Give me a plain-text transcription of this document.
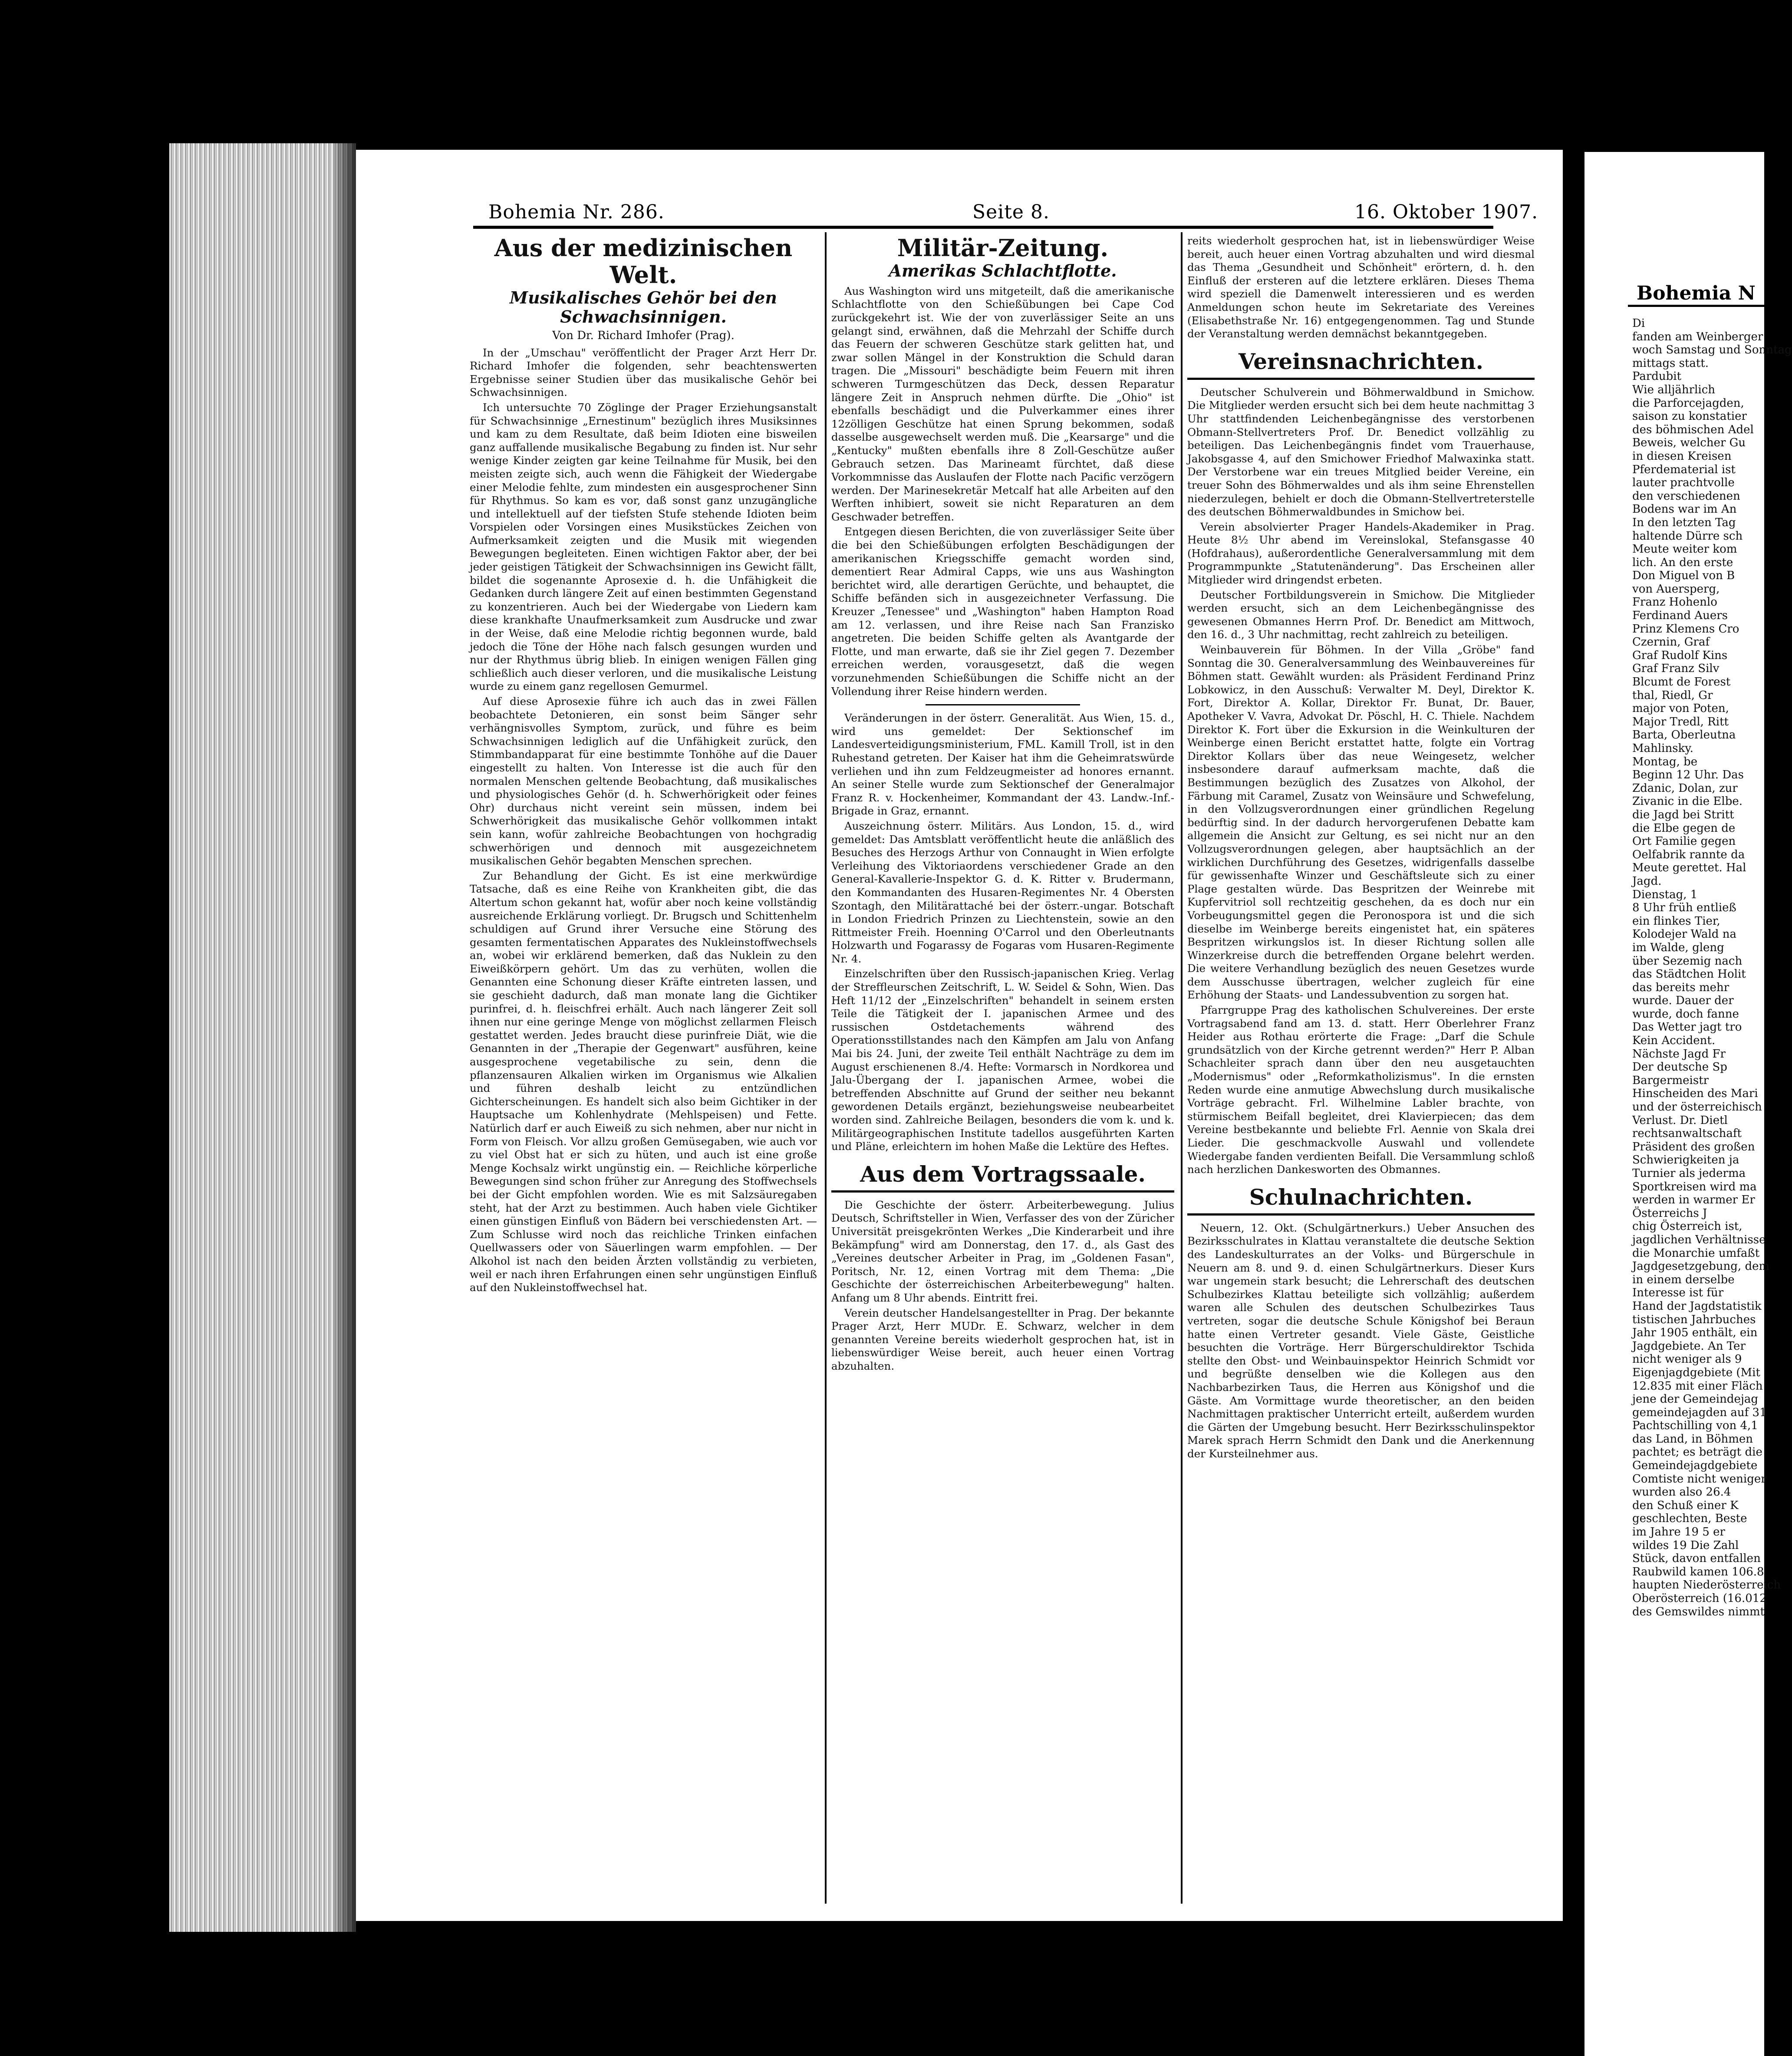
Bohemia Nr. 286.	Seite 8.	16. Oktober 1907.
Aus der medizinischen Welt.
Musikalisches Gehör bei den Schwachsinnigen.
Von Dr. Richard Imhofer (Prag).

In der „Umschau" veröffentlicht der Prager Arzt Herr Dr. Richard Imhofer die folgenden, sehr beachtenswerten Ergebnisse seiner Studien über das musikalische Gehör bei Schwachsinnigen.

Ich untersuchte 70 Zöglinge der Prager Erziehungsanstalt für Schwachsinnige „Ernestinum" bezüglich ihres Musiksinnes und kam zu dem Resultate, daß beim Idioten eine bisweilen ganz auffallende musikalische Begabung zu finden ist. Nur sehr wenige Kinder zeigten gar keine Teilnahme für Musik, bei den meisten zeigte sich, auch wenn die Fähigkeit der Wiedergabe einer Melodie fehlte, zum mindesten ein ausgesprochener Sinn für Rhythmus. So kam es vor, daß sonst ganz unzugängliche und intellektuell auf der tiefsten Stufe stehende Idioten beim Vorspielen oder Vorsingen eines Musikstückes Zeichen von Aufmerksamkeit zeigten und die Musik mit wiegenden Bewegungen begleiteten. Einen wichtigen Faktor aber, der bei jeder geistigen Tätigkeit der Schwachsinnigen ins Gewicht fällt, bildet die sogenannte Aprosexie d. h. die Unfähigkeit die Gedanken durch längere Zeit auf einen bestimmten Gegenstand zu konzentrieren. Auch bei der Wiedergabe von Liedern kam diese krankhafte Unaufmerksamkeit zum Ausdrucke und zwar in der Weise, daß eine Melodie richtig begonnen wurde, bald jedoch die Töne der Höhe nach falsch gesungen wurden und nur der Rhythmus übrig blieb. In einigen wenigen Fällen ging schließlich auch dieser verloren, und die musikalische Leistung wurde zu einem ganz regellosen Gemurmel.

Auf diese Aprosexie führe ich auch das in zwei Fällen beobachtete Detonieren, ein sonst beim Sänger sehr verhängnisvolles Symptom, zurück, und führe es beim Schwachsinnigen lediglich auf die Unfähigkeit zurück, den Stimmbandapparat für eine bestimmte Tonhöhe auf die Dauer eingestellt zu halten. Von Interesse ist die auch für den normalen Menschen geltende Beobachtung, daß musikalisches und physiologisches Gehör (d. h. Schwerhörigkeit oder feines Ohr) durchaus nicht vereint sein müssen, indem bei Schwerhörigkeit das musikalische Gehör vollkommen intakt sein kann, wofür zahlreiche Beobachtungen von hochgradig schwerhörigen und dennoch mit ausgezeichnetem musikalischen Gehör begabten Menschen sprechen.

Zur Behandlung der Gicht. Es ist eine merkwürdige Tatsache, daß es eine Reihe von Krankheiten gibt, die das Altertum schon gekannt hat, wofür aber noch keine vollständig ausreichende Erklärung vorliegt. Dr. Brugsch und Schittenhelm schuldigen auf Grund ihrer Versuche eine Störung des gesamten fermentatischen Apparates des Nukleinstoffwechsels an, wobei wir erklärend bemerken, daß das Nuklein zu den Eiweißkörpern gehört. Um das zu verhüten, wollen die Genannten eine Schonung dieser Kräfte eintreten lassen, und sie geschieht dadurch, daß man monate lang die Gichtiker purinfrei, d. h. fleischfrei erhält. Auch nach längerer Zeit soll ihnen nur eine geringe Menge von möglichst zellarmen Fleisch gestattet werden. Jedes braucht diese purinfreie Diät, wie die Genannten in der „Therapie der Gegenwart" ausführen, keine ausgesprochene vegetabilische zu sein, denn die pflanzensauren Alkalien wirken im Organismus wie Alkalien und führen deshalb leicht zu entzündlichen Gichterscheinungen. Es handelt sich also beim Gichtiker in der Hauptsache um Kohlenhydrate (Mehlspeisen) und Fette. Natürlich darf er auch Eiweiß zu sich nehmen, aber nur nicht in Form von Fleisch. Vor allzu großen Gemüsegaben, wie auch vor zu viel Obst hat er sich zu hüten, und auch ist eine große Menge Kochsalz wirkt ungünstig ein. — Reichliche körperliche Bewegungen sind schon früher zur Anregung des Stoffwechsels bei der Gicht empfohlen worden. Wie es mit Salzsäuregaben steht, hat der Arzt zu bestimmen. Auch haben viele Gichtiker einen günstigen Einfluß von Bädern bei verschiedensten Art. — Zum Schlusse wird noch das reichliche Trinken einfachen Quellwassers oder von Säuerlingen warm empfohlen. — Der Alkohol ist nach den beiden Ärzten vollständig zu verbieten, weil er nach ihren Erfahrungen einen sehr ungünstigen Einfluß auf den Nukleinstoffwechsel hat.

Militär-Zeitung.
Amerikas Schlachtflotte.

Aus Washington wird uns mitgeteilt, daß die amerikanische Schlachtflotte von den Schießübungen bei Cape Cod zurückgekehrt ist. Wie der von zuverlässiger Seite an uns gelangt sind, erwähnen, daß die Mehrzahl der Schiffe durch das Feuern der schweren Geschütze stark gelitten hat, und zwar sollen Mängel in der Konstruktion die Schuld daran tragen. Die „Missouri" beschädigte beim Feuern mit ihren schweren Turmgeschützen das Deck, dessen Reparatur längere Zeit in Anspruch nehmen dürfte. Die „Ohio" ist ebenfalls beschädigt und die Pulverkammer eines ihrer 12zölligen Geschütze hat einen Sprung bekommen, sodaß dasselbe ausgewechselt werden muß. Die „Kearsarge" und die „Kentucky" mußten ebenfalls ihre 8 Zoll-Geschütze außer Gebrauch setzen. Das Marineamt fürchtet, daß diese Vorkommnisse das Auslaufen der Flotte nach Pacific verzögern werden. Der Marinesekretär Metcalf hat alle Arbeiten auf den Werften inhibiert, soweit sie nicht Reparaturen an dem Geschwader betreffen.

Entgegen diesen Berichten, die von zuverlässiger Seite über die bei den Schießübungen erfolgten Beschädigungen der amerikanischen Kriegsschiffe gemacht worden sind, dementiert Rear Admiral Capps, wie uns aus Washington berichtet wird, alle derartigen Gerüchte, und behauptet, die Schiffe befänden sich in ausgezeichneter Verfassung. Die Kreuzer „Tenessee" und „Washington" haben Hampton Road am 12. verlassen, und ihre Reise nach San Franzisko angetreten. Die beiden Schiffe gelten als Avantgarde der Flotte, und man erwarte, daß sie ihr Ziel gegen 7. Dezember erreichen werden, vorausgesetzt, daß die wegen vorzunehmenden Schießübungen die Schiffe nicht an der Vollendung ihrer Reise hindern werden.

Veränderungen in der österr. Generalität. Aus Wien, 15. d., wird uns gemeldet: Der Sektionschef im Landesverteidigungsministerium, FML. Kamill Troll, ist in den Ruhestand getreten. Der Kaiser hat ihm die Geheimratswürde verliehen und ihn zum Feldzeugmeister ad honores ernannt. An seiner Stelle wurde zum Sektionschef der Generalmajor Franz R. v. Hockenheimer, Kommandant der 43. Landw.-Inf.-Brigade in Graz, ernannt.

Auszeichnung österr. Militärs. Aus London, 15. d., wird gemeldet: Das Amtsblatt veröffentlicht heute die anläßlich des Besuches des Herzogs Arthur von Connaught in Wien erfolgte Verleihung des Viktoriaordens verschiedener Grade an den General-Kavallerie-Inspektor G. d. K. Ritter v. Brudermann, den Kommandanten des Husaren-Regimentes Nr. 4 Obersten Szontagh, den Militärattaché bei der österr.-ungar. Botschaft in London Friedrich Prinzen zu Liechtenstein, sowie an den Rittmeister Freih. Hoenning O'Carrol und den Oberleutnants Holzwarth und Fogarassy de Fogaras vom Husaren-Regimente Nr. 4.

Einzelschriften über den Russisch-japanischen Krieg. Verlag der Streffleurschen Zeitschrift, L. W. Seidel & Sohn, Wien. Das Heft 11/12 der „Einzelschriften" behandelt in seinem ersten Teile die Tätigkeit der I. japanischen Armee und des russischen Ostdetachements während des Operationsstillstandes nach den Kämpfen am Jalu von Anfang Mai bis 24. Juni, der zweite Teil enthält Nachträge zu dem im August erschienenen 8./4. Hefte: Vormarsch in Nordkorea und Jalu-Übergang der I. japanischen Armee, wobei die betreffenden Abschnitte auf Grund der seither neu bekannt gewordenen Details ergänzt, beziehungsweise neubearbeitet worden sind. Zahlreiche Beilagen, besonders die vom k. und k. Militärgeographischen Institute tadellos ausgeführten Karten und Pläne, erleichtern im hohen Maße die Lektüre des Heftes.

Aus dem Vortragssaale.

Die Geschichte der österr. Arbeiterbewegung. Julius Deutsch, Schriftsteller in Wien, Verfasser des von der Züricher Universität preisgekrönten Werkes „Die Kinderarbeit und ihre Bekämpfung" wird am Donnerstag, den 17. d., als Gast des „Vereines deutscher Arbeiter in Prag, im „Goldenen Fasan", Poritsch, Nr. 12, einen Vortrag mit dem Thema: „Die Geschichte der österreichischen Arbeiterbewegung" halten. Anfang um 8 Uhr abends. Eintritt frei.

Verein deutscher Handelsangestellter in Prag. Der bekannte Prager Arzt, Herr MUDr. E. Schwarz, welcher in dem genannten Vereine bereits wiederholt gesprochen hat, ist in liebenswürdiger Weise bereit, auch heuer einen Vortrag abzuhalten.

reits wiederholt gesprochen hat, ist in liebenswürdiger Weise bereit, auch heuer einen Vortrag abzuhalten und wird diesmal das Thema „Gesundheit und Schönheit" erörtern, d. h. den Einfluß der ersteren auf die letztere erklären. Dieses Thema wird speziell die Damenwelt interessieren und es werden Anmeldungen schon heute im Sekretariate des Vereines (Elisabethstraße Nr. 16) entgegengenommen. Tag und Stunde der Veranstaltung werden demnächst bekanntgegeben.

Vereinsnachrichten.

Deutscher Schulverein und Böhmerwaldbund in Smichow. Die Mitglieder werden ersucht sich bei dem heute nachmittag 3 Uhr stattfindenden Leichenbegängnisse des verstorbenen Obmann-Stellvertreters Prof. Dr. Benedict vollzählig zu beteiligen. Das Leichenbegängnis findet vom Trauerhause, Jakobsgasse 4, auf den Smichower Friedhof Malwaxinka statt. Der Verstorbene war ein treues Mitglied beider Vereine, ein treuer Sohn des Böhmerwaldes und als ihm seine Ehrenstellen niederzulegen, behielt er doch die Obmann-Stellvertreterstelle des deutschen Böhmerwaldbundes in Smichow bei.

Verein absolvierter Prager Handels-Akademiker in Prag. Heute 8½ Uhr abend im Vereinslokal, Stefansgasse 40 (Hofdrahaus), außerordentliche Generalversammlung mit dem Programmpunkte „Statutenänderung". Das Erscheinen aller Mitglieder wird dringendst erbeten.

Deutscher Fortbildungsverein in Smichow. Die Mitglieder werden ersucht, sich an dem Leichenbegängnisse des gewesenen Obmannes Herrn Prof. Dr. Benedict am Mittwoch, den 16. d., 3 Uhr nachmittag, recht zahlreich zu beteiligen.

Weinbauverein für Böhmen. In der Villa „Gröbe" fand Sonntag die 30. Generalversammlung des Weinbauvereines für Böhmen statt. Gewählt wurden: als Präsident Ferdinand Prinz Lobkowicz, in den Ausschuß: Verwalter M. Deyl, Direktor K. Fort, Direktor A. Kollar, Direktor Fr. Bunat, Dr. Bauer, Apotheker V. Vavra, Advokat Dr. Pöschl, H. C. Thiele. Nachdem Direktor K. Fort über die Exkursion in die Weinkulturen der Weinberge einen Bericht erstattet hatte, folgte ein Vortrag Direktor Kollars über das neue Weingesetz, welcher insbesondere darauf aufmerksam machte, daß die Bestimmungen bezüglich des Zusatzes von Alkohol, der Färbung mit Caramel, Zusatz von Weinsäure und Schwefelung, in den Vollzugsverordnungen einer gründlichen Regelung bedürftig sind. In der dadurch hervorgerufenen Debatte kam allgemein die Ansicht zur Geltung, es sei nicht nur an den Vollzugsverordnungen gelegen, aber hauptsächlich an der wirklichen Durchführung des Gesetzes, widrigenfalls dasselbe für gewissenhafte Winzer und Geschäftsleute sich zu einer Plage gestalten würde. Das Bespritzen der Weinrebe mit Kupfervitriol soll rechtzeitig geschehen, da es doch nur ein Vorbeugungsmittel gegen die Peronospora ist und die sich dieselbe im Weinberge bereits eingenistet hat, ein späteres Bespritzen wirkungslos ist. In dieser Richtung sollen alle Winzerkreise durch die betreffenden Organe belehrt werden. Die weitere Verhandlung bezüglich des neuen Gesetzes wurde dem Ausschusse übertragen, welcher zugleich für eine Erhöhung der Staats- und Landessubvention zu sorgen hat.

Pfarrgruppe Prag des katholischen Schulvereines. Der erste Vortragsabend fand am 13. d. statt. Herr Oberlehrer Franz Heider aus Rothau erörterte die Frage: „Darf die Schule grundsätzlich von der Kirche getrennt werden?" Herr P. Alban Schachleiter sprach dann über den neu ausgetauchten „Modernismus" oder „Reformkatholizismus". In die ernsten Reden wurde eine anmutige Abwechslung durch musikalische Vorträge gebracht. Frl. Wilhelmine Labler brachte, von stürmischem Beifall begleitet, drei Klavierpiecen; das dem Vereine bestbekannte und beliebte Frl. Aennie von Skala drei Lieder. Die geschmackvolle Auswahl und vollendete Wiedergabe fanden verdienten Beifall. Die Versammlung schloß nach herzlichen Dankesworten des Obmannes.

Schulnachrichten.

Neuern, 12. Okt. (Schulgärtnerkurs.) Ueber Ansuchen des Bezirksschulrates in Klattau veranstaltete die deutsche Sektion des Landeskulturrates an der Volks- und Bürgerschule in Neuern am 8. und 9. d. einen Schulgärtnerkurs. Dieser Kurs war ungemein stark besucht; die Lehrerschaft des deutschen Schulbezirkes Klattau beteiligte sich vollzählig; außerdem waren alle Schulen des deutschen Schulbezirkes Taus vertreten, sogar die deutsche Schule Königshof bei Beraun hatte einen Vertreter gesandt. Viele Gäste, Geistliche besuchten die Vorträge. Herr Bürgerschuldirektor Tschida stellte den Obst- und Weinbauinspektor Heinrich Schmidt vor und begrüßte denselben wie die Kollegen aus den Nachbarbezirken Taus, die Herren aus Königshof und die Gäste. Am Vormittage wurde theoretischer, an den beiden Nachmittagen praktischer Unterricht erteilt, außerdem wurden die Gärten der Umgebung besucht. Herr Bezirksschulinspektor Marek sprach Herrn Schmidt den Dank und die Anerkennung der Kursteilnehmer aus.

Bohemia N
Di
fanden am Weinberger
woch Samstag und Sonntag
mittags statt.
Pardubit
Wie alljährlich
die Parforcejagden,
saison zu konstatier
des böhmischen Adel
Beweis, welcher Gu
in diesen Kreisen
Pferdematerial ist
lauter prachtvolle
den verschiedenen
Bodens war im An
In den letzten Tag
haltende Dürre sch
Meute weiter kom
lich. An den erste
Don Miguel von B
von Auersperg,
Franz Hohenlo
Ferdinand Auers
Prinz Klemens Cro
Czernin, Graf
Graf Rudolf Kins
Graf Franz Silv
Blcumt de Forest
thal, Riedl, Gr
major von Poten,
Major Tredl, Ritt
Barta, Oberleutna
Mahlinsky.
Montag, be
Beginn 12 Uhr. Das
Zdanic, Dolan, zur
Zivanic in die Elbe.
die Jagd bei Stritt
die Elbe gegen de
Ort Familie gegen
Oelfabrik rannte da
Meute gerettet. Hal
Jagd.
Dienstag, 1
8 Uhr früh entließ
ein flinkes Tier,
Kolodejer Wald na
im Walde, gleng
über Sezemig nach
das Städtchen Holit
das bereits mehr
wurde. Dauer der
wurde, doch fanne
Das Wetter jagt tro
Kein Accident.
Nächste Jagd Fr
Der deutsche Sp
Bargermeistr
Hinscheiden des Mari
und der österreichisch
Verlust. Dr. Dietl
rechtsanwaltschaft
Präsident des großen
Schwierigkeiten ja
Turnier als jederma
Sportkreisen wird ma
werden in warmer Er
Österreichs J
chig Österreich ist,
jagdlichen Verhältnisse
die Monarchie umfaßt
Jagdgesetzgebung, dem
in einem derselbe
Interesse ist für
Hand der Jagdstatistik
tistischen Jahrbuches
Jahr 1905 enthält, ein
Jagdgebiete. An Ter
nicht weniger als 9
Eigenjagdgebiete (Mit
12.835 mit einer Fläch
jene der Gemeindejag
gemeindejagden auf 31
Pachtschilling von 4,1
das Land, in Böhmen
pachtet; es beträgt die
Gemeindejagdgebiete
Comtiste nicht weniger
wurden also 26.4
den Schuß einer K
geschlechten, Beste
im Jahre 19 5 er
wildes 19 Die Zahl
Stück, davon entfallen
Raubwild kamen 106.8
haupten Niederösterreich
Oberösterreich (16.012
des Gemswildes nimmt
